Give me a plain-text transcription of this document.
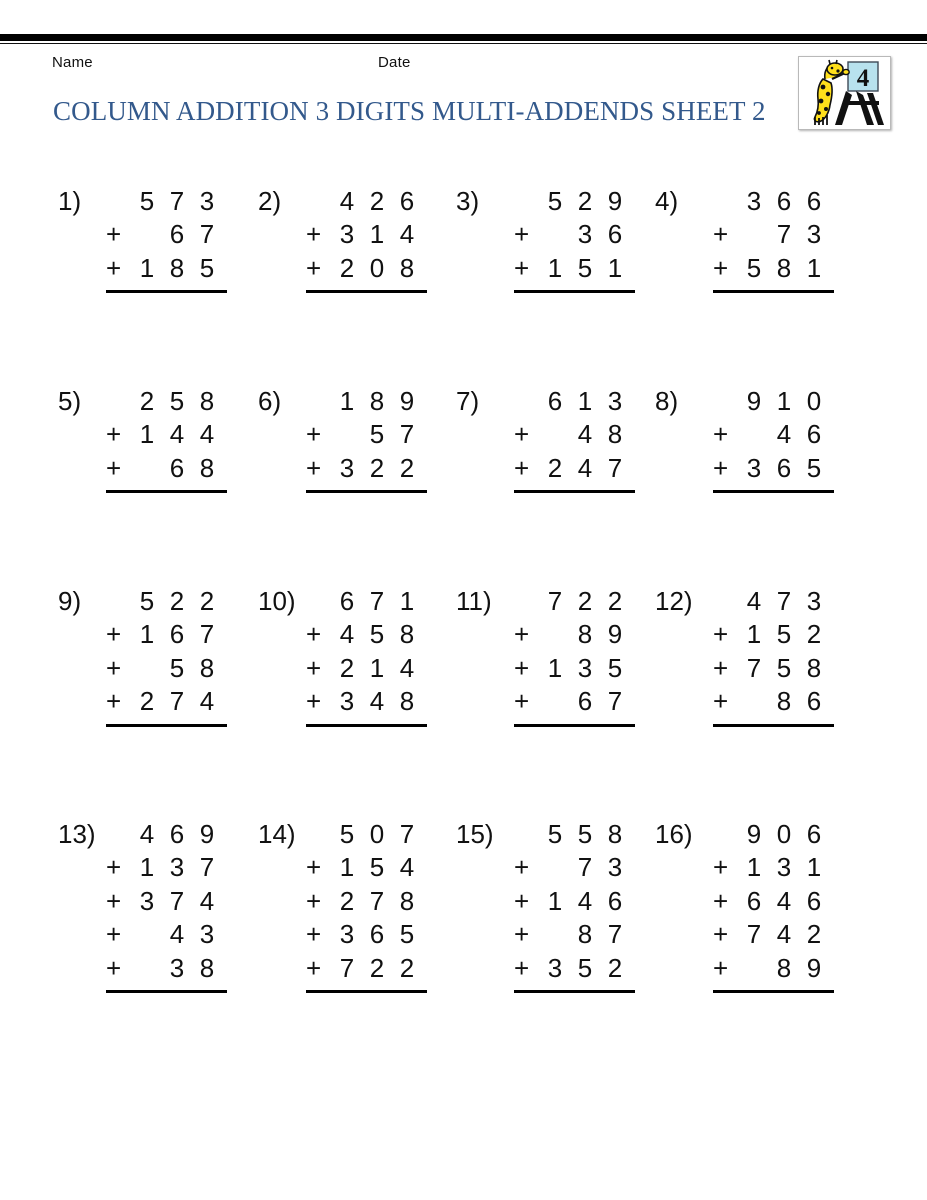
Name	Date
COLUMN ADDITION 3 DIGITS MULTI-ADDENDS SHEET 2
4
1) 5 7 3
+	6 7
+ 1 8 5
2) 4 2 6
+ 3 1 4
+ 2 0 8
3)	5 2 9
+	3 6
+ 1 5 1
4)	3 6 6
+	7 3
+ 5 8 1
5) 2 5 8
+ 1 4 4
+	6 8
6) 1 8 9
+	5 7
+ 3 2 2
7)	6 1 3
+	4 8
+ 2 4 7
8)	9 1 0
+	4 6
+ 3 6 5
9) 5 2 2
+ 1 6 7
+	5 8
+ 2 7 4
10) 6 7 1
+ 4 5 8
+ 2 1 4
+ 3 4 8
11) 7 2 2
+	8 9
+ 1 3 5
+	6 7
12) 4 7 3
+ 1 5 2
+ 7 5 8
+	8 6
13) 4 6 9
+ 1 3 7
+ 3 7 4
+	4 3
+	3 8
14) 5 0 7
+ 1 5 4
+ 2 7 8
+ 3 6 5
+ 7 2 2
15) 5 5 8
+	7 3
+ 1 4 6
+	8 7
+ 3 5 2
16) 9 0 6
+ 1 3 1
+ 6 4 6
+ 7 4 2
+	8 9
